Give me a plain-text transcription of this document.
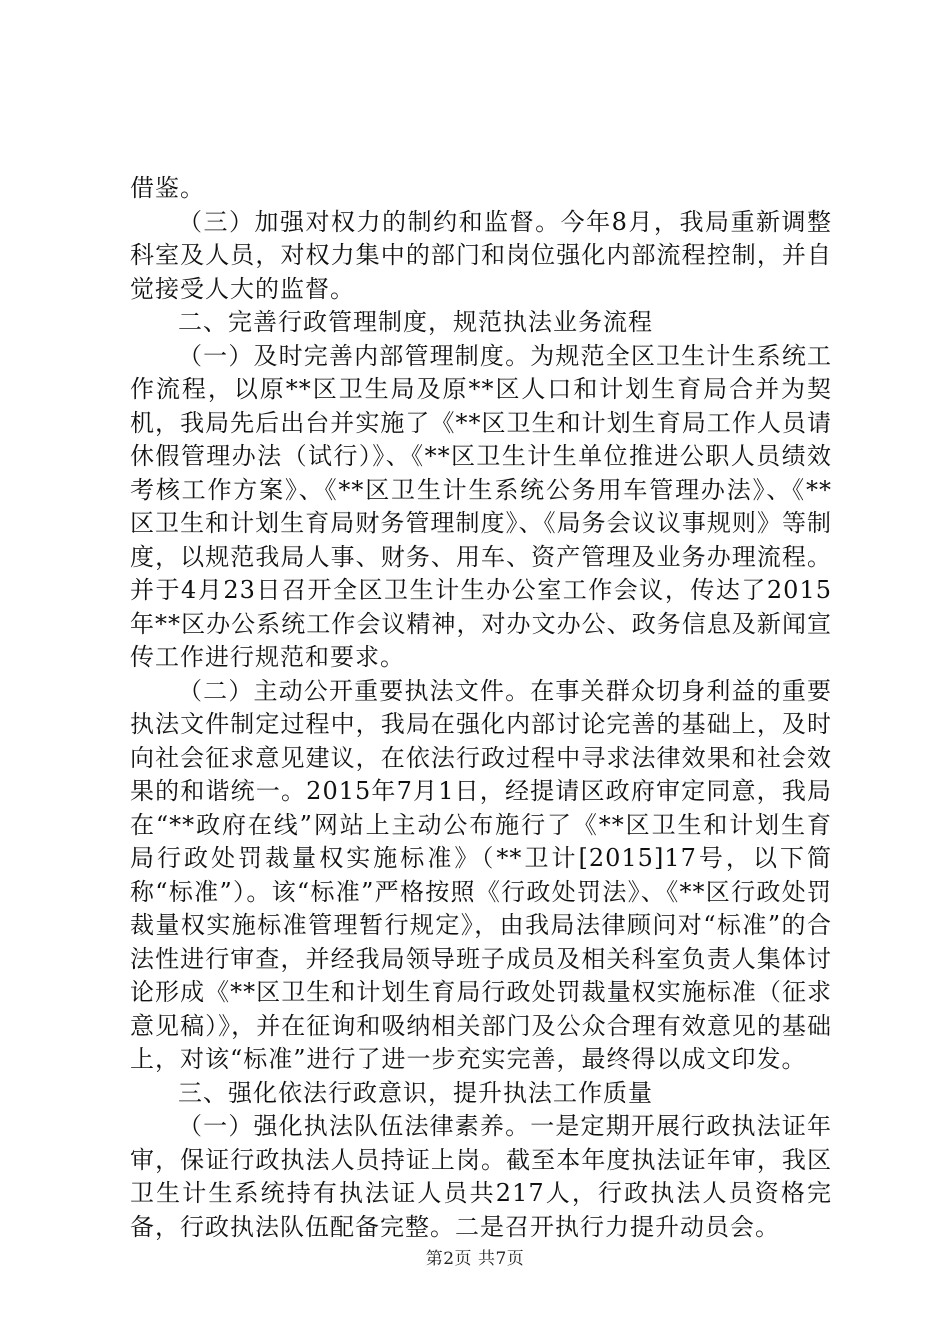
借鉴。

（三）加强对权力的制约和监督。今年8月，我局重新调整科室及人员，对权力集中的部门和岗位强化内部流程控制，并自觉接受人大的监督。

二、完善行政管理制度，规范执法业务流程

（一）及时完善内部管理制度。为规范全区卫生计生系统工作流程，以原**区卫生局及原**区人口和计划生育局合并为契机，我局先后出台并实施了《**区卫生和计划生育局工作人员请休假管理办法（试行）》、《**区卫生计生单位推进公职人员绩效考核工作方案》、《**区卫生计生系统公务用车管理办法》、《**区卫生和计划生育局财务管理制度》、《局务会议议事规则》等制度，以规范我局人事、财务、用车、资产管理及业务办理流程。并于4月23日召开全区卫生计生办公室工作会议，传达了2015年**区办公系统工作会议精神，对办文办公、政务信息及新闻宣传工作进行规范和要求。

（二）主动公开重要执法文件。在事关群众切身利益的重要执法文件制定过程中，我局在强化内部讨论完善的基础上，及时向社会征求意见建议，在依法行政过程中寻求法律效果和社会效果的和谐统一。2015年7月1日，经提请区政府审定同意，我局在“**政府在线”网站上主动公布施行了《**区卫生和计划生育局行政处罚裁量权实施标准》（**卫计[2015]17号，以下简称“标准”）。该“标准”严格按照《行政处罚法》、《**区行政处罚裁量权实施标准管理暂行规定》，由我局法律顾问对“标准”的合法性进行审查，并经我局领导班子成员及相关科室负责人集体讨论形成《**区卫生和计划生育局行政处罚裁量权实施标准（征求意见稿）》，并在征询和吸纳相关部门及公众合理有效意见的基础上，对该“标准”进行了进一步充实完善，最终得以成文印发。

三、强化依法行政意识，提升执法工作质量

（一）强化执法队伍法律素养。一是定期开展行政执法证年审，保证行政执法人员持证上岗。截至本年度执法证年审，我区卫生计生系统持有执法证人员共217人，行政执法人员资格完备，行政执法队伍配备完整。二是召开执行力提升动员会。

第2页 共7页
